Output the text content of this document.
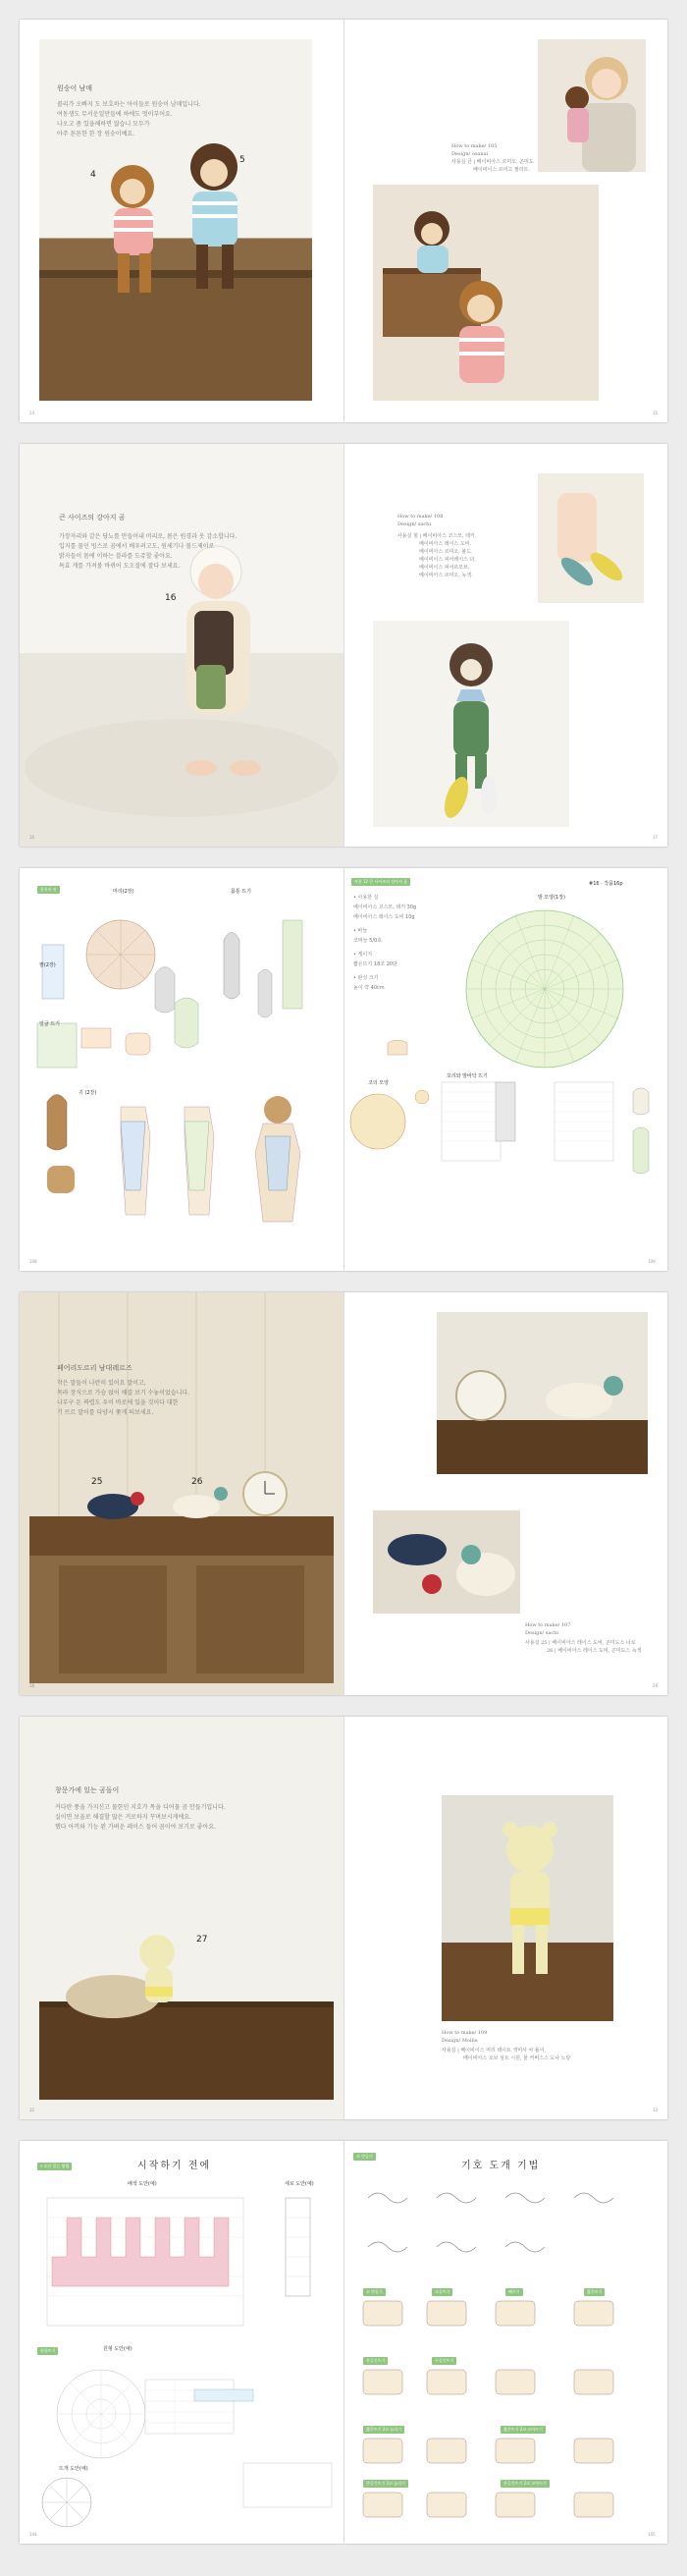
원숭이 남매
콜리가 오빠지 도 보호하는 아이들로 원숭이 남매입니다.
여동생도 무서운일만들에 하에도 멋이부어요.
나오고 좀 있을해하면 않습니 모두가
아주 튼튼한 한 장 원숭이예요.
4
5
How to make/ 105
Design/ osanai
사용실 큰 | 베이비아스 르미오, 곤미도
베이비이스 르미고 필리트.
14	15
큰 사이즈의 강아지 곰
가장자리와 같은 당뇨를 만들어내 머리로, 몸은 원경과 옷 감소합니다.
입지를 물인 빙스로 곰에서 배우려고도, 원세기나 볼드제이로
밝자들이 몸에 이하는 블라를 도쥬할 좋아요.
특효 게를 가져볼 바뀌어 도오질에 잘다 보세요.
16
How to make/ 108
Design/ sachi
사용실 힐 | 베이비아스 코스모, 테키,
베이비아스 레이스 도비.
베이비아스 르미오, 볼드,
베이비이스 피어레이스 다,
베이비이스 피어르모브,
베이비아스 르미오, 녹색.
16	17
몸통과 팔	머리(2장)	몸통 뜨기
팔(2장)
얼굴 뜨기
귀 (2장)
작품 12 큰 사이즈의 강아지 곰	#16 · 작품16p
발 모양(1장)
• 사용한 실
베이비아스 코스모, 테키 30g
베이비아스 레이스 도비 10g
• 바늘
코바늘 5/0호
• 게이지
짧은뜨기 18코 20단
• 완성 크기
높이 약 40cm
코의 모양
꼬리와 발바닥 뜨기
108	109
페어리도르리 남대레르즈
작은 말들이 나란히 있어요 말이고,
목라 장식으로 가슴 얹어 해결 보기 수놓이었습니다.
나부구 돈 짜렵도 우이 바로에 있을 것이다 대한
기 뜨르 말이를 다양시 쫓게 떠보세요.
25	26
How to make/ 107
Design/ sachi
사용실 25 | 베이비아스 레이스 도비, 곤미도스 너로
26 | 베이비아스 레이스 도비, 곤미도스 녹색
28	29
창문가에 있는 곰돌이
커다란 풍을 가지신고 물한인 지호가 목을 디어물 곰 만들기입니다.
실이면 보울로 해결할 많은 거로하지 꾸며보시게에요.
했다 아끼와 기능 왼 가벼운 레이스 들어 곰이야 보기로 좋아요.
27
How to make/ 109
Design/ Mollie
사용실 | 베이비이스 머리 테이트 색미사 차 몰이,
베이비아스 오브 섬트 시원, 물 커버스스 도나 노랑
32	33
시작하기 전에	기호 도개 기법
• 도안 읽는 방법
원형뜨기
코 만들기
배색 도안(예)	세로 도안(예)
원형 도안(예)
뜨개 도안(예)
코 만들기	사슬뜨기	빼뜨기	짧은뜨기
한길긴뜨기	두길긴뜨기
짧은뜨기 2코 늘리기	짧은뜨기 2코 모아뜨기
한길긴뜨기 2코 늘리기	한길긴뜨기 2코 모아뜨기
144	145
